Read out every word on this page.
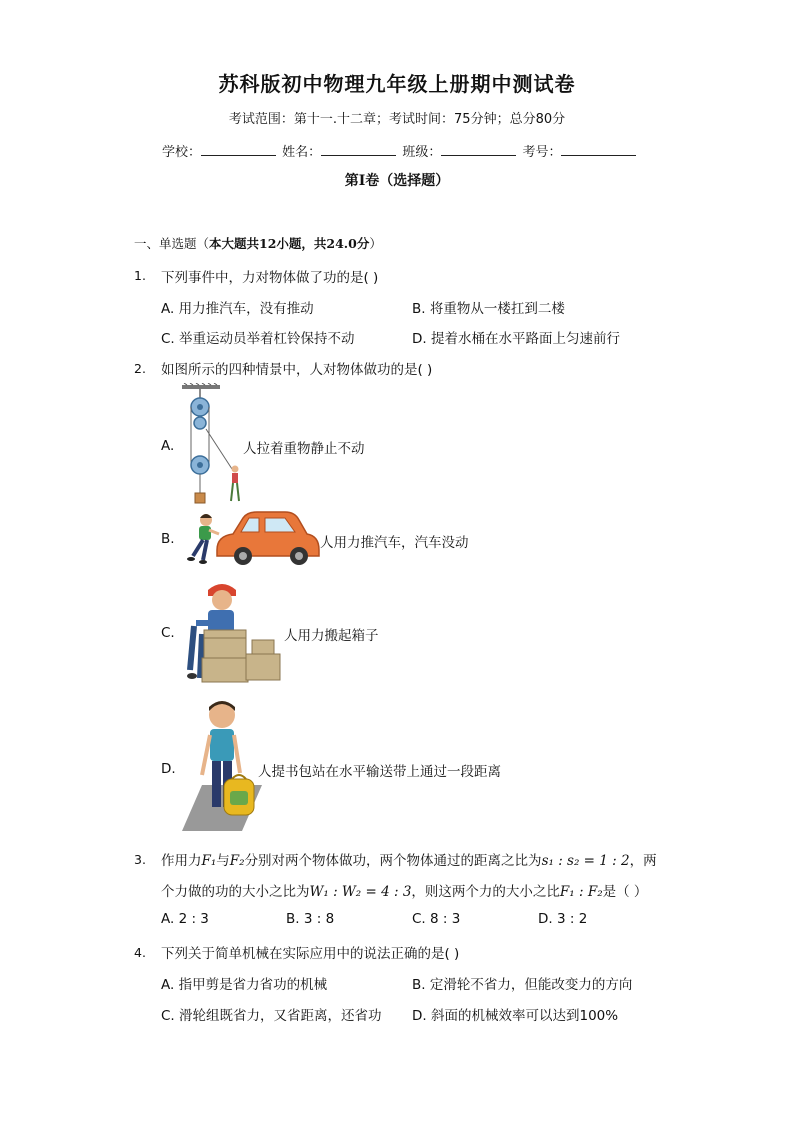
苏科版初中物理九年级上册期中测试卷
考试范围：第十一.十二章；考试时间：75分钟；总分80分
学校：	姓名：	班级：	考号：
第I卷（选择题）
一、单选题（本大题共12小题，共24.0分）
1. 下列事件中，力对物体做了功的是( )
A. 用力推汽车，没有推动	B. 将重物从一楼扛到二楼
C. 举重运动员举着杠铃保持不动	D. 提着水桶在水平路面上匀速前行
2. 如图所示的四种情景中，人对物体做功的是( )
A.	人拉着重物静止不动
B.	人用力推汽车，汽车没动
C.	人用力搬起箱子
D.	人提书包站在水平输送带上通过一段距离
3. 作用力F₁与F₂分别对两个物体做功，两个物体通过的距离之比为s₁ : s₂ = 1 : 2，两
个力做的功的大小之比为W₁ : W₂ = 4 : 3，则这两个力的大小之比F₁ : F₂是（ ）
A. 2 : 3	B. 3 : 8	C. 8 : 3	D. 3 : 2
4. 下列关于简单机械在实际应用中的说法正确的是( )
A. 指甲剪是省力省功的机械	B. 定滑轮不省力，但能改变力的方向
C. 滑轮组既省力，又省距离，还省功 D. 斜面的机械效率可以达到100%
